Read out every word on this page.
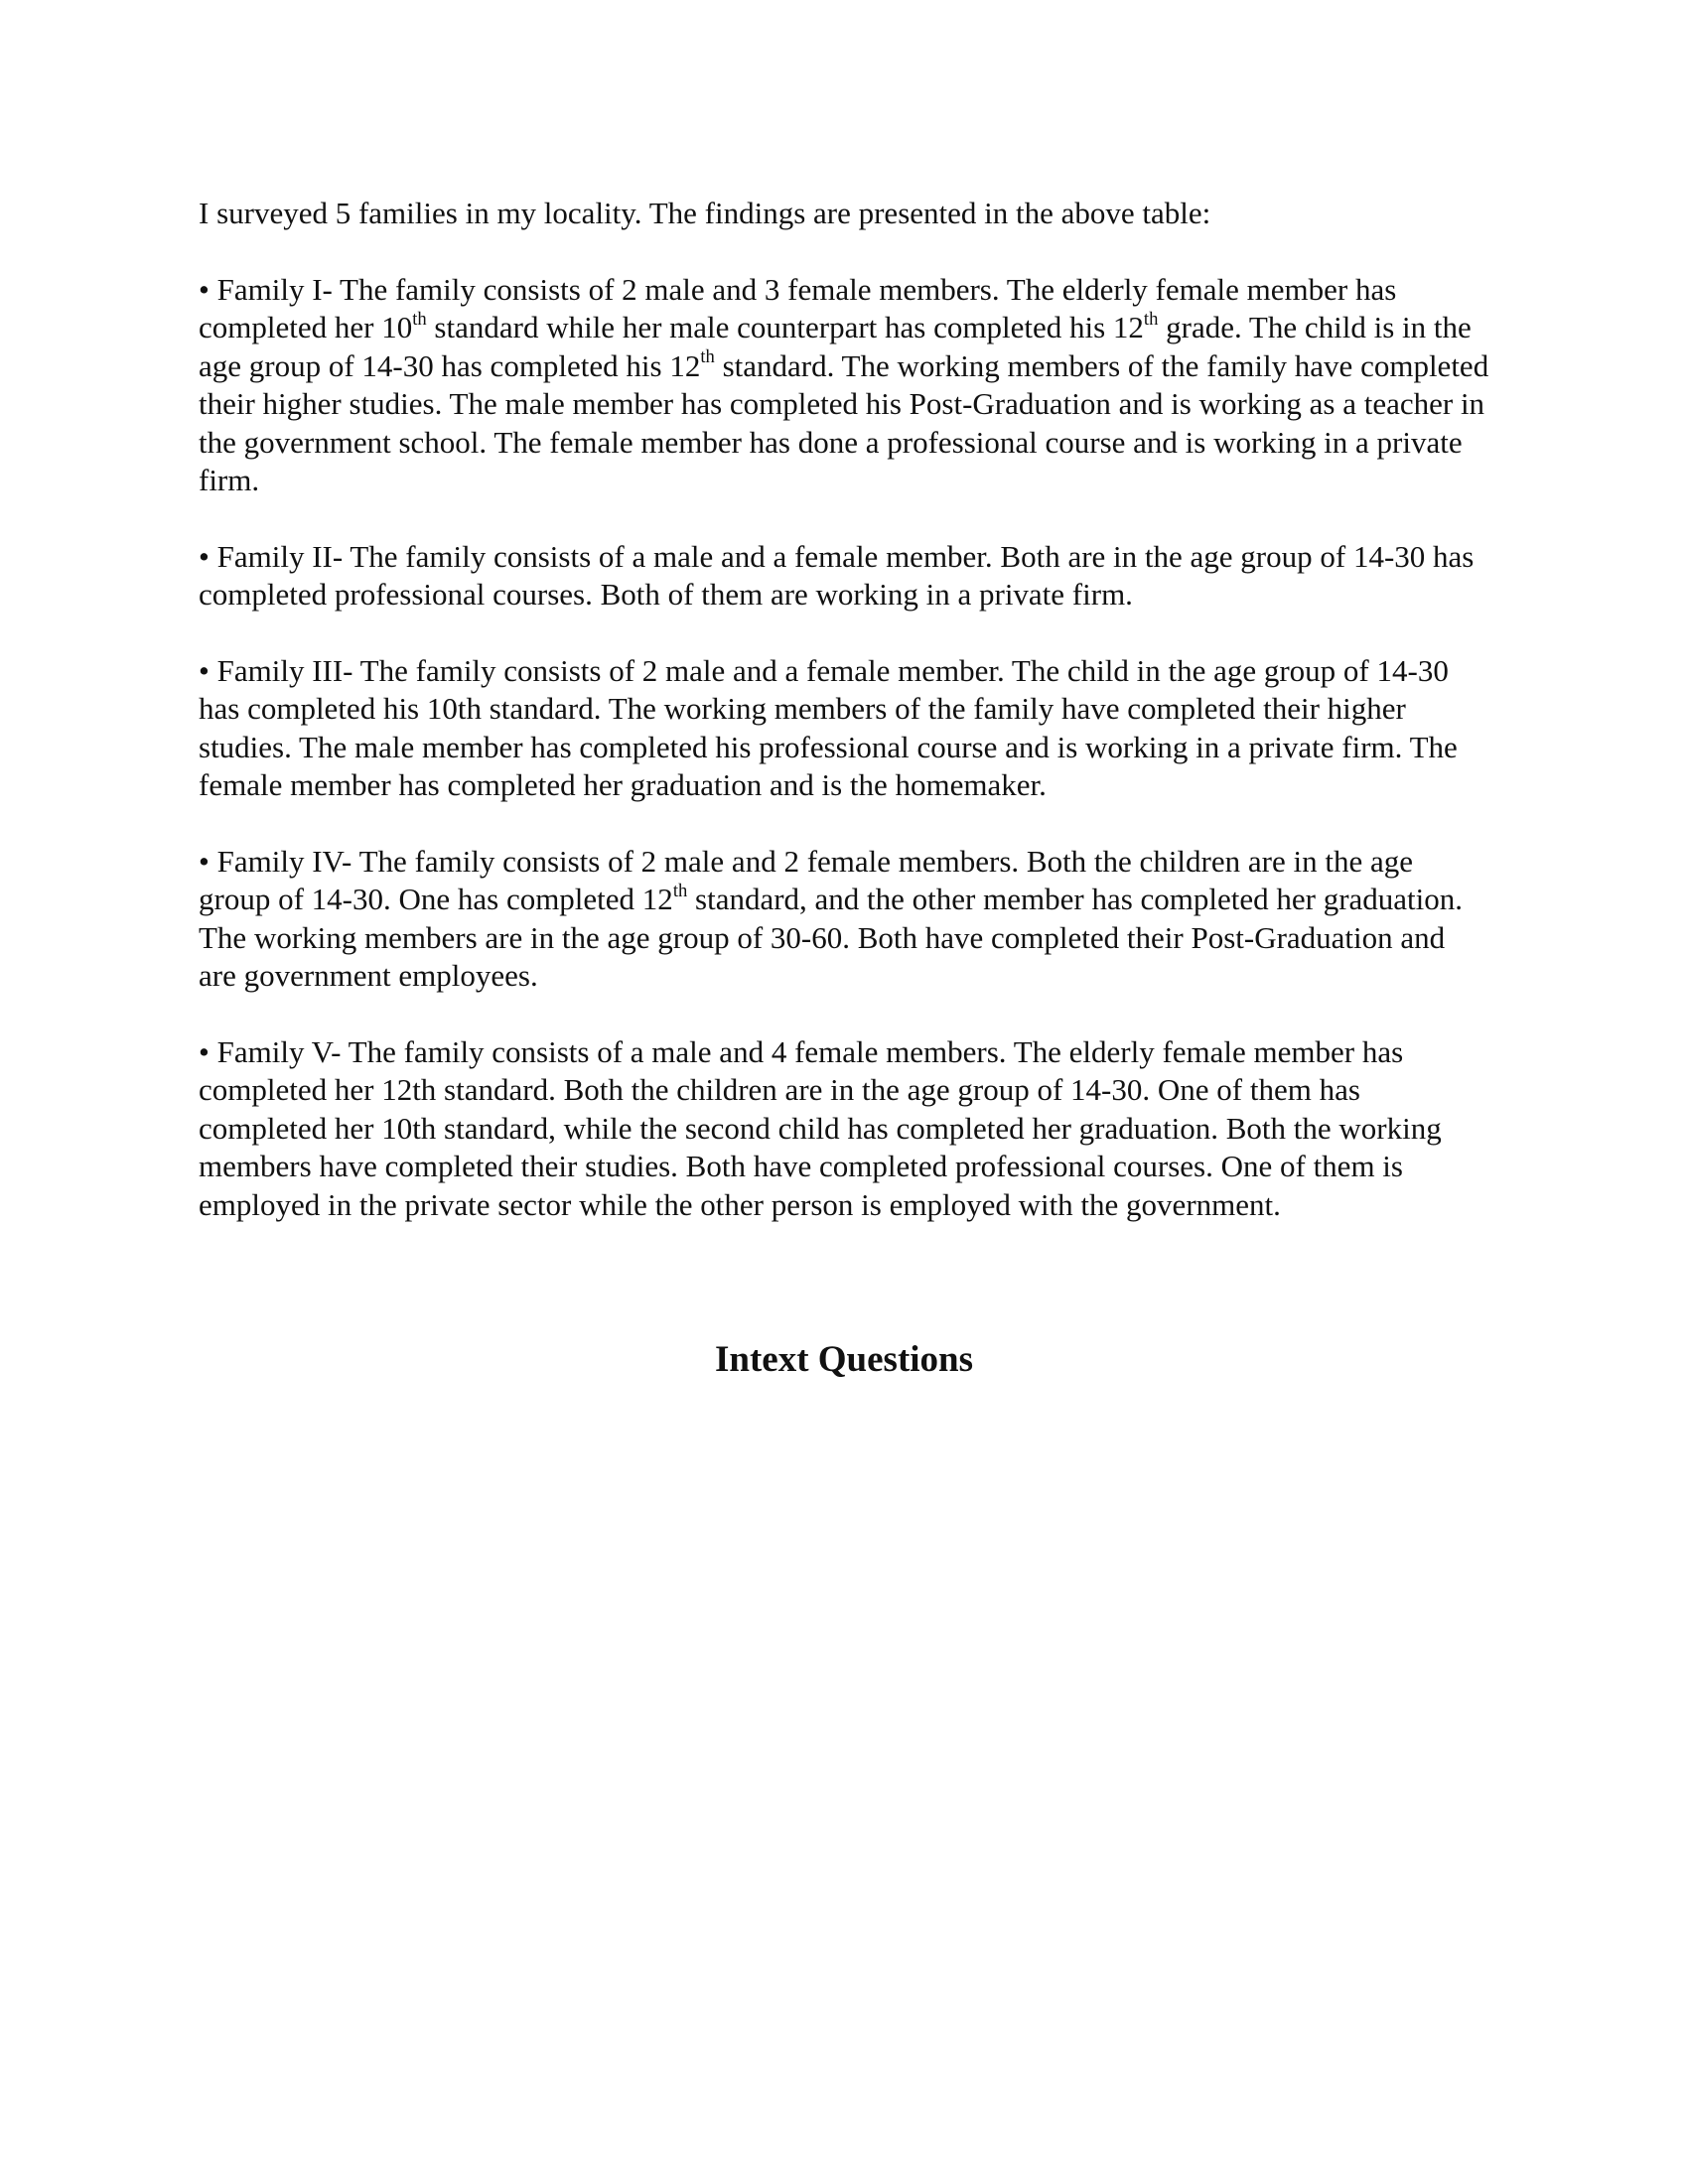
I surveyed 5 families in my locality. The findings are presented in the above table:

• Family I- The family consists of 2 male and 3 female members. The elderly female member has completed her 10th standard while her male counterpart has completed his 12th grade. The child is in the age group of 14-30 has completed his 12th standard. The working members of the family have completed their higher studies. The male member has completed his Post-Graduation and is working as a teacher in the government school. The female member has done a professional course and is working in a private firm.

• Family II- The family consists of a male and a female member. Both are in the age group of 14-30 has completed professional courses. Both of them are working in a private firm.

• Family III- The family consists of 2 male and a female member. The child in the age group of 14-30 has completed his 10th standard. The working members of the family have completed their higher studies. The male member has completed his professional course and is working in a private firm. The female member has completed her graduation and is the homemaker.

• Family IV- The family consists of 2 male and 2 female members. Both the children are in the age group of 14-30. One has completed 12th standard, and the other member has completed her graduation. The working members are in the age group of 30-60. Both have completed their Post-Graduation and are government employees.

• Family V- The family consists of a male and 4 female members. The elderly female member has completed her 12th standard. Both the children are in the age group of 14-30. One of them has completed her 10th standard, while the second child has completed her graduation. Both the working members have completed their studies. Both have completed professional courses. One of them is employed in the private sector while the other person is employed with the government.

Intext Questions
